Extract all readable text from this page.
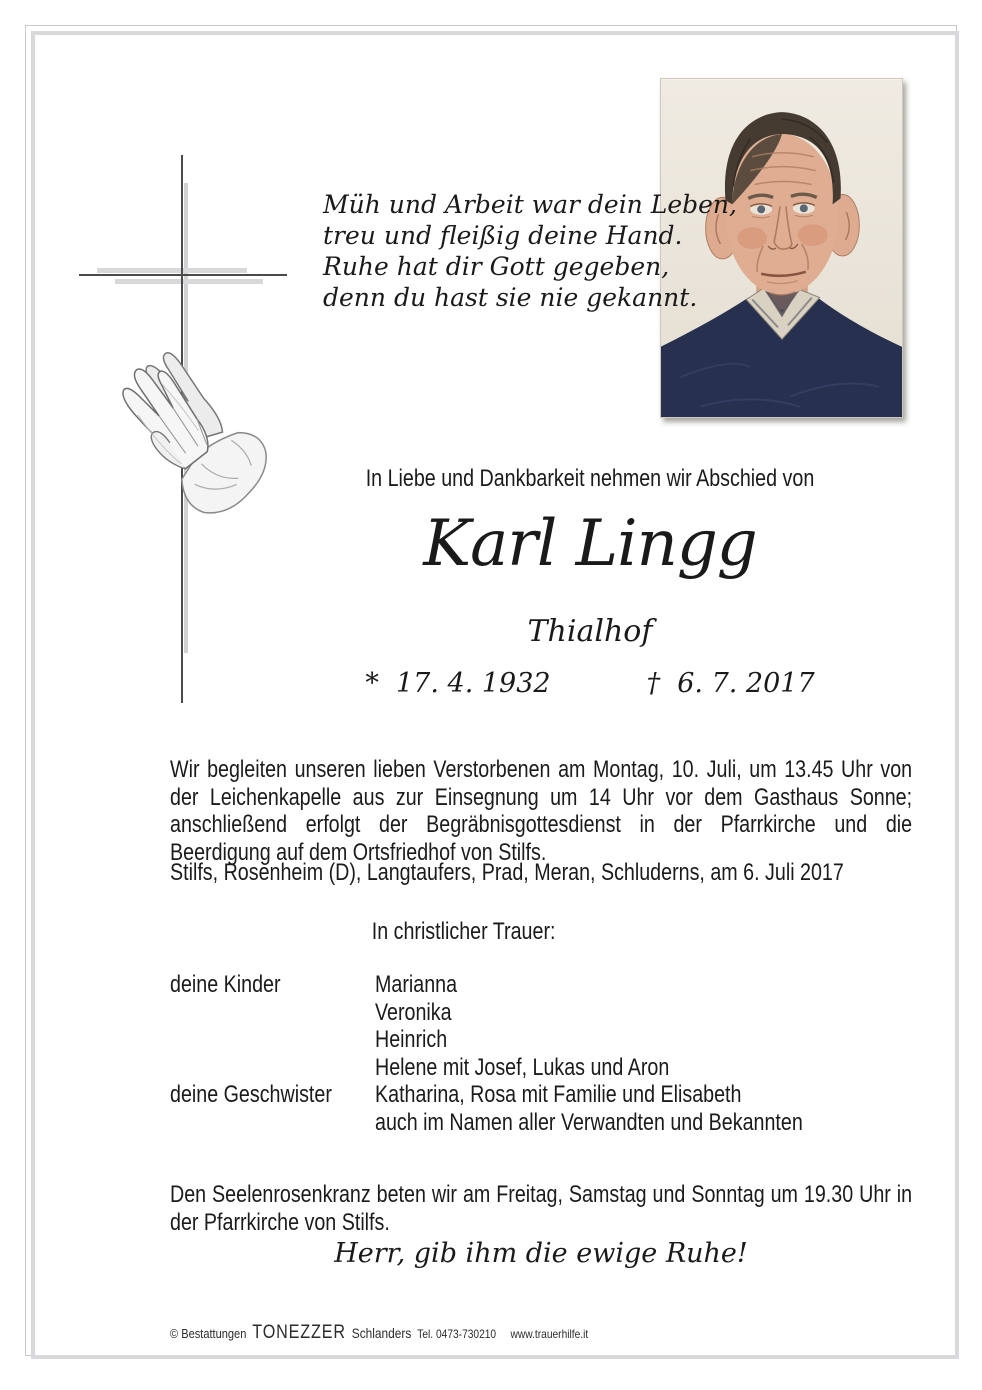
Müh und Arbeit war dein Leben,
treu und fleißig deine Hand.
Ruhe hat dir Gott gegeben,
denn du hast sie nie gekannt.
In Liebe und Dankbarkeit nehmen wir Abschied von
Karl Lingg
Thialhof
* 17. 4. 1932	† 6. 7. 2017

Wir begleiten unseren lieben Verstorbenen am Montag, 10. Juli, um 13.45 Uhr von der Leichenkapelle aus zur Einsegnung um 14 Uhr vor dem Gasthaus Sonne; anschließend erfolgt der Begräbnisgottesdienst in der Pfarrkirche und die Beerdigung auf dem Ortsfriedhof von Stilfs.

Stilfs, Rosenheim (D), Langtaufers, Prad, Meran, Schluderns, am 6. Juli 2017
In christlicher Trauer:
deine Kinder	Marianna
Veronika
Heinrich
Helene mit Josef, Lukas und Aron
deine Geschwister	Katharina, Rosa mit Familie und Elisabeth
auch im Namen aller Verwandten und Bekannten

Den Seelenrosenkranz beten wir am Freitag, Samstag und Sonntag um 19.30 Uhr in der Pfarrkirche von Stilfs.

Herr, gib ihm die ewige Ruhe!
© Bestattungen TONEZZER Schlanders Tel. 0473-730210 www.trauerhilfe.it
